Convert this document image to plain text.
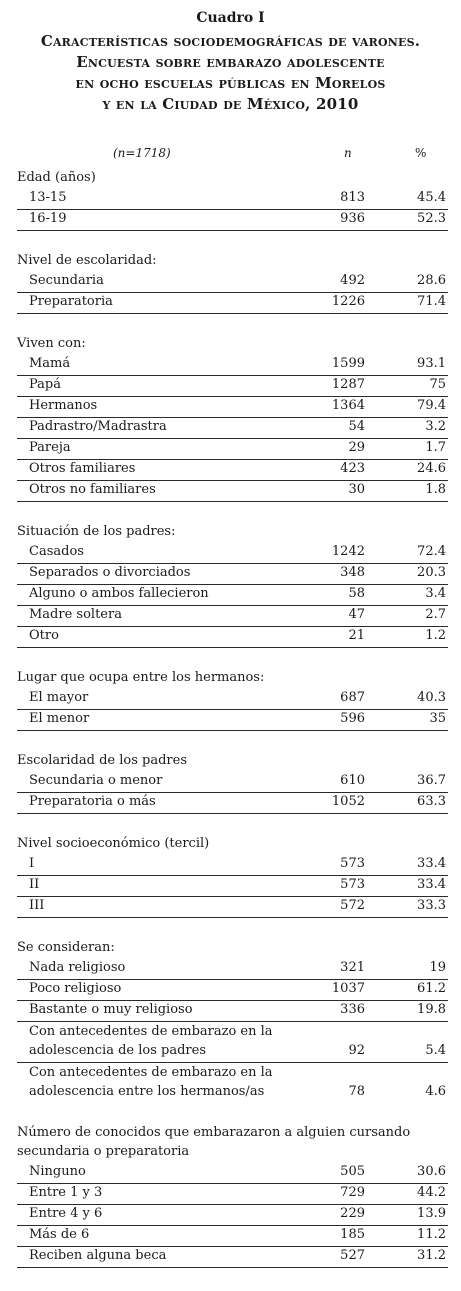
Cuadro I
Características sociodemográficas de varones.
Encuesta sobre embarazo adolescente
en ocho escuelas públicas en Morelos
y en la Ciudad de México, 2010
(n=1718)	n	%
Edad (años)
13-15	813	45.4
16-19	936	52.3
Nivel de escolaridad:
Secundaria	492	28.6
Preparatoria	1226	71.4
Viven con:
Mamá	1599	93.1
Papá	1287	75
Hermanos	1364	79.4
Padrastro/Madrastra	54	3.2
Pareja	29	1.7
Otros familiares	423	24.6
Otros no familiares	30	1.8
Situación de los padres:
Casados	1242	72.4
Separados o divorciados	348	20.3
Alguno o ambos fallecieron	58	3.4
Madre soltera	47	2.7
Otro	21	1.2
Lugar que ocupa entre los hermanos:
El mayor	687	40.3
El menor	596	35
Escolaridad de los padres
Secundaria o menor	610	36.7
Preparatoria o más	1052	63.3
Nivel socioeconómico (tercil)
I	573	33.4
II	573	33.4
III	572	33.3
Se consideran:
Nada religioso	321	19
Poco religioso	1037	61.2
Bastante o muy religioso	336	19.8
Con antecedentes de embarazo en la adolescencia de los padres	92	5.4
Con antecedentes de embarazo en la adolescencia entre los hermanos/as	78	4.6
Número de conocidos que embarazaron a alguien cursando secundaria o preparatoria
Ninguno	505	30.6
Entre 1 y 3	729	44.2
Entre 4 y 6	229	13.9
Más de 6	185	11.2
Reciben alguna beca	527	31.2
